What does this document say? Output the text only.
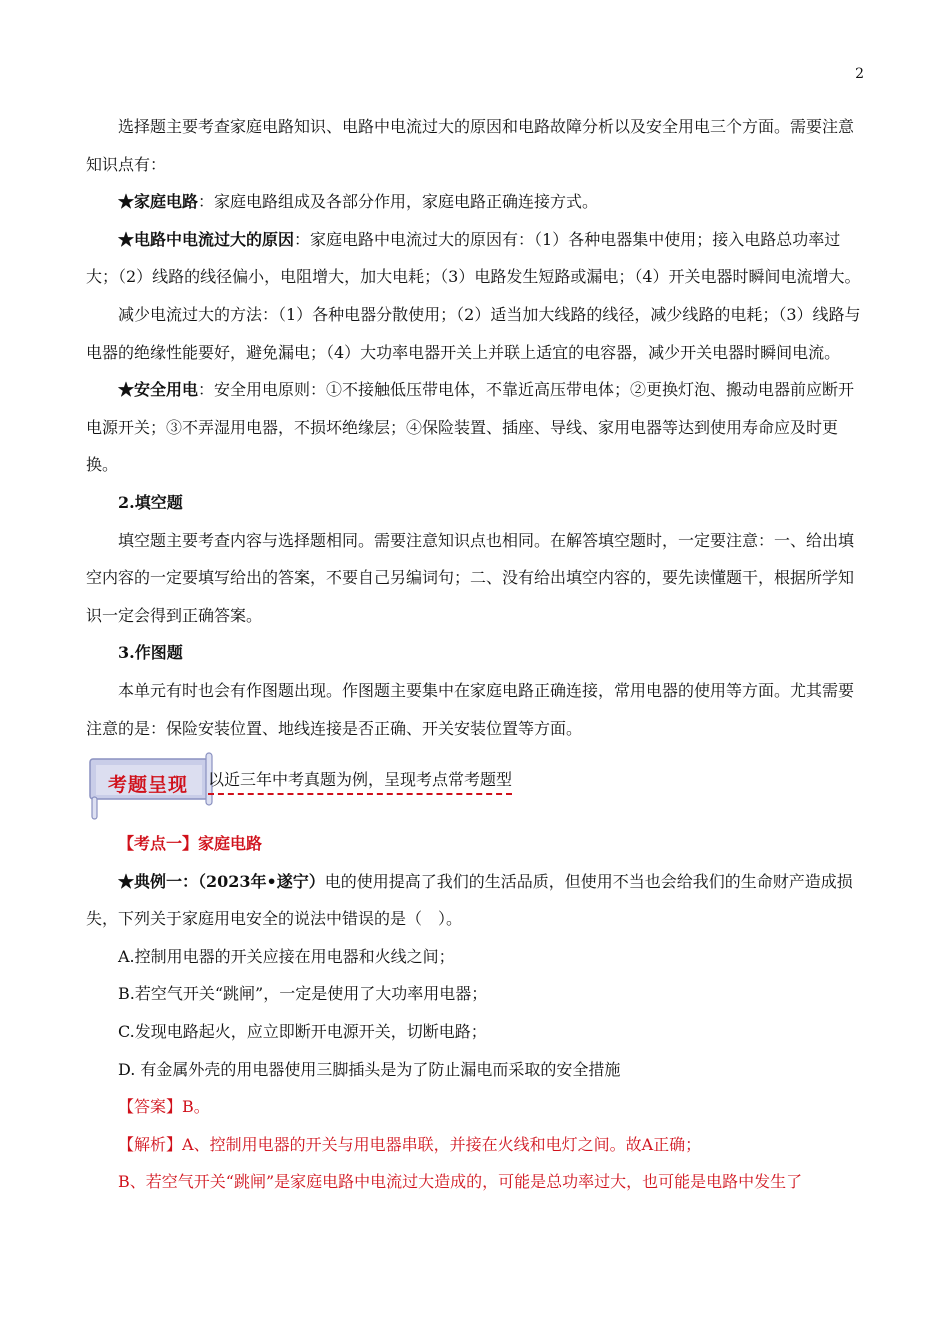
2

选择题主要考查家庭电路知识、电路中电流过大的原因和电路故障分析以及安全用电三个方面。需要注意知识点有：

★家庭电路：家庭电路组成及各部分作用，家庭电路正确连接方式。

★电路中电流过大的原因：家庭电路中电流过大的原因有：（1）各种电器集中使用；接入电路总功率过大；（2）线路的线径偏小，电阻增大，加大电耗；（3）电路发生短路或漏电；（4）开关电器时瞬间电流增大。

减少电流过大的方法：（1）各种电器分散使用；（2）适当加大线路的线径，减少线路的电耗；（3）线路与电器的绝缘性能要好，避免漏电；（4）大功率电器开关上并联上适宜的电容器，减少开关电器时瞬间电流。

★安全用电：安全用电原则：①不接触低压带电体，不靠近高压带电体；②更换灯泡、搬动电器前应断开电源开关；③不弄湿用电器，不损坏绝缘层；④保险装置、插座、导线、家用电器等达到使用寿命应及时更换。

2.填空题

填空题主要考查内容与选择题相同。需要注意知识点也相同。在解答填空题时，一定要注意：一、给出填空内容的一定要填写给出的答案，不要自己另编词句；二、没有给出填空内容的，要先读懂题干，根据所学知识一定会得到正确答案。

3.作图题

本单元有时也会有作图题出现。作图题主要集中在家庭电路正确连接，常用电器的使用等方面。尤其需要注意的是：保险安装位置、地线连接是否正确、开关安装位置等方面。

考题呈现 以近三年中考真题为例，呈现考点常考题型

【考点一】家庭电路

★典例一：（2023年•遂宁）电的使用提高了我们的生活品质，但使用不当也会给我们的生命财产造成损失，下列关于家庭用电安全的说法中错误的是（　）。

A.控制用电器的开关应接在用电器和火线之间；

B.若空气开关“跳闸”，一定是使用了大功率用电器；

C.发现电路起火，应立即断开电源开关，切断电路；

D. 有金属外壳的用电器使用三脚插头是为了防止漏电而采取的安全措施

【答案】B。

【解析】A、控制用电器的开关与用电器串联，并接在火线和电灯之间。故A正确；

B、若空气开关“跳闸”是家庭电路中电流过大造成的，可能是总功率过大，也可能是电路中发生了
